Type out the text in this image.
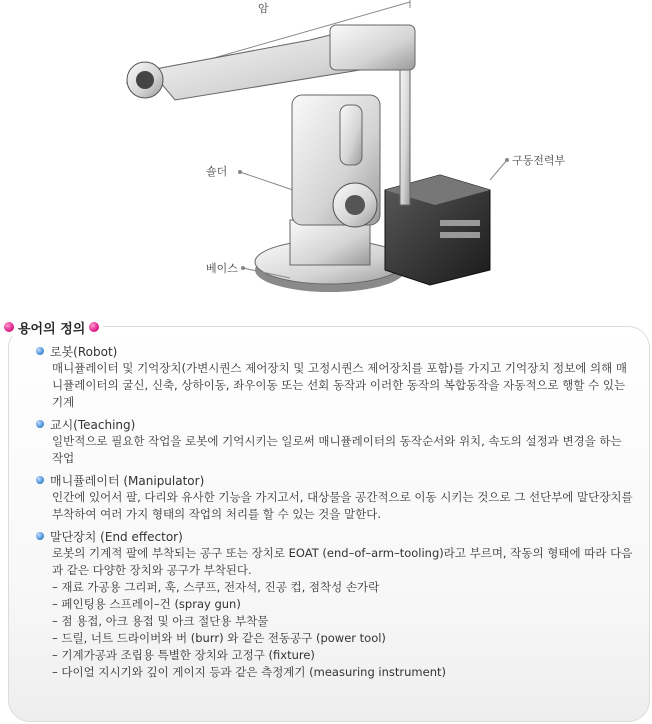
암
숄더
구동전력부
베이스
용어의 정의
로봇(Robot)
매니퓰레이터 및 기억장치(가변시퀀스 제어장치 및 고정시퀀스 제어장치를 포함)를 가지고 기억장치 정보에 의해 매니퓰레이터의 굴신, 신축, 상하이동, 좌우이동 또는 선회 동작과 이러한 동작의 복합동작을 자동적으로 행할 수 있는 기계
교시(Teaching)
일반적으로 필요한 작업을 로봇에 기억시키는 일로써 매니퓰레이터의 동작순서와 위치, 속도의 설정과 변경을 하는 작업
매니퓰레이터 (Manipulator)
인간에 있어서 팔, 다리와 유사한 기능을 가지고서, 대상물을 공간적으로 이동 시키는 것으로 그 선단부에 말단장치를 부착하여 여러 가지 형태의 작업의 처리를 할 수 있는 것을 말한다.
말단장치 (End effector)
로봇의 기계적 팔에 부착되는 공구 또는 장치로 EOAT (end–of–arm–tooling)라고 부르며, 작동의 형태에 따라 다음과 같은 다양한 장치와 공구가 부착된다.
– 재료 가공용 그리퍼, 훅, 스쿠프, 전자석, 진공 컵, 점착성 손가락
– 페인팅용 스프레이–건 (spray gun)
– 점 용접, 아크 용접 및 아크 절단용 부착물
– 드릴, 너트 드라이버와 버 (burr) 와 같은 전동공구 (power tool)
– 기계가공과 조립용 특별한 장치와 고정구 (fixture)
– 다이얼 지시기와 깊이 게이지 등과 같은 측정계기 (measuring instrument)
